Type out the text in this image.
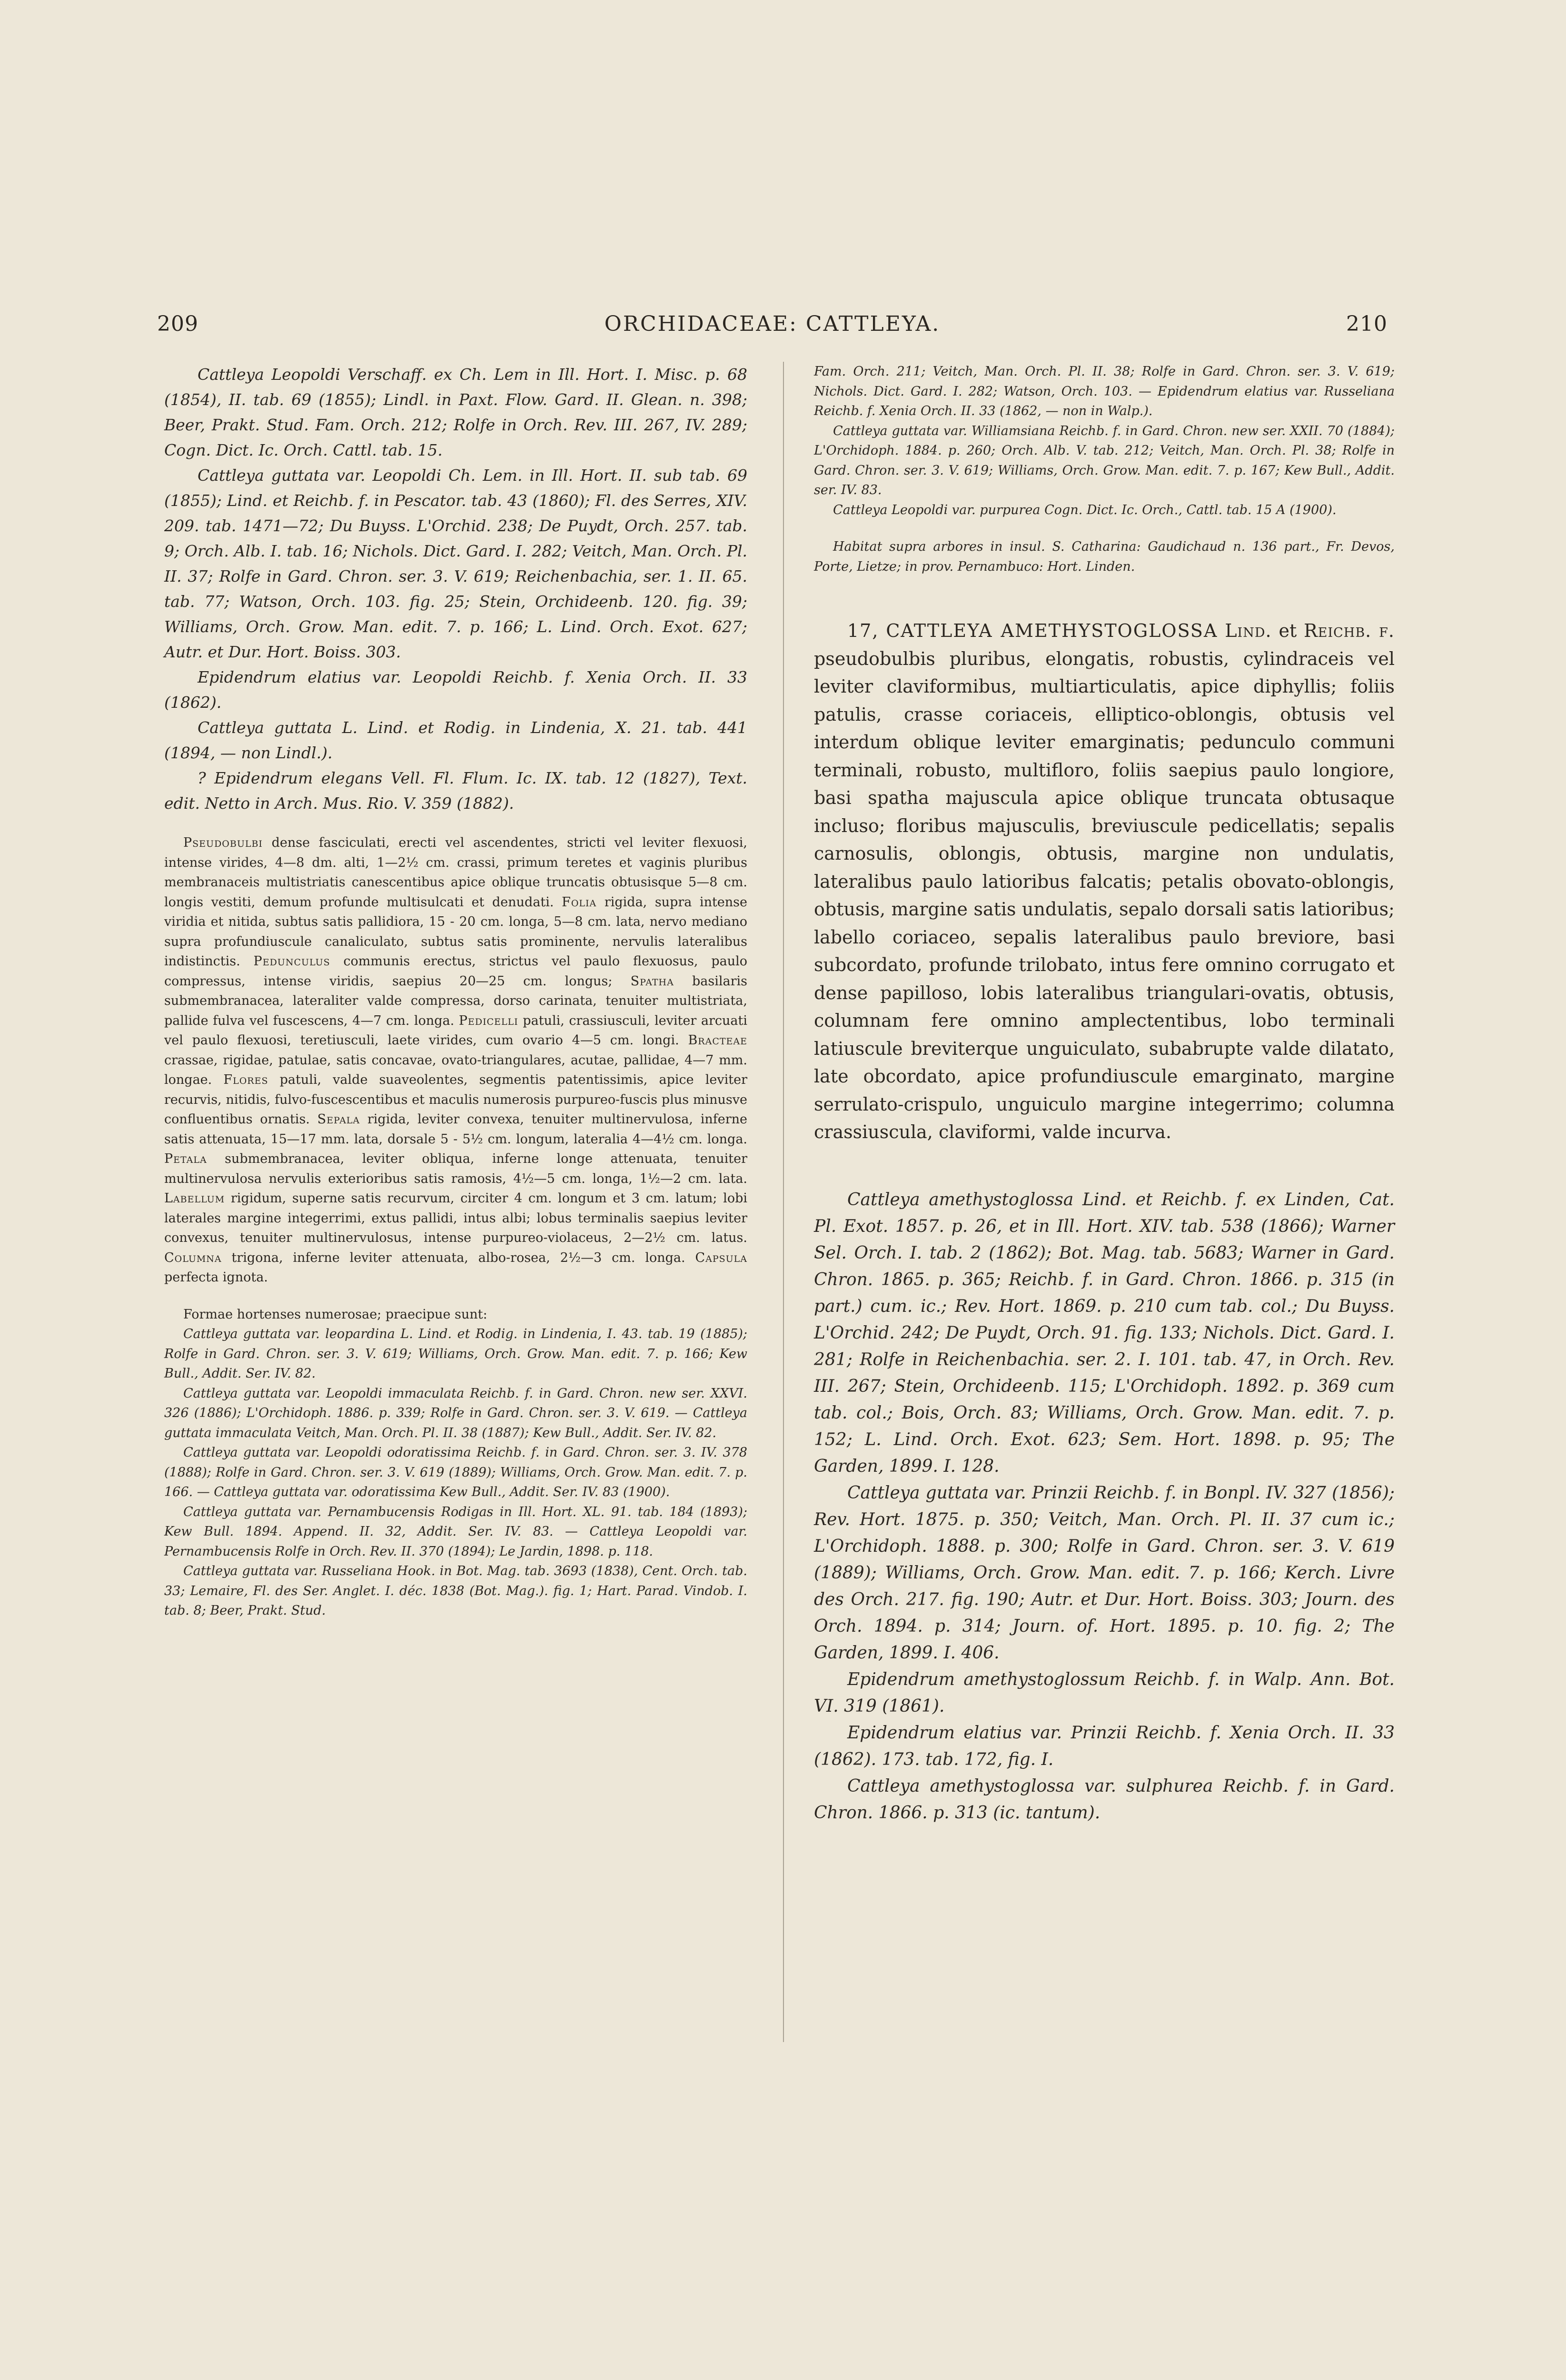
209	ORCHIDACEAE: CATTLEYA.	210

Cattleya Leopoldi Verschaff. ex Ch. Lem in Ill. Hort. I. Misc. p. 68 (1854), II. tab. 69 (1855); Lindl. in Paxt. Flow. Gard. II. Glean. n. 398; Beer, Prakt. Stud. Fam. Orch. 212; Rolfe in Orch. Rev. III. 267, IV. 289; Cogn. Dict. Ic. Orch. Cattl. tab. 15.

Cattleya guttata var. Leopoldi Ch. Lem. in Ill. Hort. II. sub tab. 69 (1855); Lind. et Reichb. f. in Pescator. tab. 43 (1860); Fl. des Serres, XIV. 209. tab. 1471—72; Du Buyss. L'Orchid. 238; De Puydt, Orch. 257. tab. 9; Orch. Alb. I. tab. 16; Nichols. Dict. Gard. I. 282; Veitch, Man. Orch. Pl. II. 37; Rolfe in Gard. Chron. ser. 3. V. 619; Reichenbachia, ser. 1. II. 65. tab. 77; Watson, Orch. 103. fig. 25; Stein, Orchideenb. 120. fig. 39; Williams, Orch. Grow. Man. edit. 7. p. 166; L. Lind. Orch. Exot. 627; Autr. et Dur. Hort. Boiss. 303.

Epidendrum elatius var. Leopoldi Reichb. f. Xenia Orch. II. 33 (1862).

Cattleya guttata L. Lind. et Rodig. in Lindenia, X. 21. tab. 441 (1894, — non Lindl.).

? Epidendrum elegans Vell. Fl. Flum. Ic. IX. tab. 12 (1827), Text. edit. Netto in Arch. Mus. Rio. V. 359 (1882).

Pseudobulbi dense fasciculati, erecti vel ascendentes, stricti vel leviter flexuosi, intense virides, 4—8 dm. alti, 1—2½ cm. crassi, primum teretes et vaginis pluribus membranaceis multistriatis canescentibus apice oblique truncatis obtusisque 5—8 cm. longis vestiti, demum profunde multisulcati et denudati. Folia rigida, supra intense viridia et nitida, subtus satis pallidiora, 15 - 20 cm. longa, 5—8 cm. lata, nervo mediano supra profundiuscule canaliculato, subtus satis prominente, nervulis lateralibus indistinctis. Pedunculus communis erectus, strictus vel paulo flexuosus, paulo compressus, intense viridis, saepius 20—25 cm. longus; Spatha basilaris submembranacea, lateraliter valde compressa, dorso carinata, tenuiter multistriata, pallide fulva vel fuscescens, 4—7 cm. longa. Pedicelli patuli, crassiusculi, leviter arcuati vel paulo flexuosi, teretiusculi, laete virides, cum ovario 4—5 cm. longi. Bracteae crassae, rigidae, patulae, satis concavae, ovato-triangulares, acutae, pallidae, 4—7 mm. longae. Flores patuli, valde suaveolentes, segmentis patentissimis, apice leviter recurvis, nitidis, fulvo-fuscescentibus et maculis numerosis purpureo-fuscis plus minusve confluentibus ornatis. Sepala rigida, leviter convexa, tenuiter multinervulosa, inferne satis attenuata, 15—17 mm. lata, dorsale 5 - 5½ cm. longum, lateralia 4—4½ cm. longa. Petala submembranacea, leviter obliqua, inferne longe attenuata, tenuiter multinervulosa nervulis exterioribus satis ramosis, 4½—5 cm. longa, 1½—2 cm. lata. Labellum rigidum, superne satis recurvum, circiter 4 cm. longum et 3 cm. latum; lobi laterales margine integerrimi, extus pallidi, intus albi; lobus terminalis saepius leviter convexus, tenuiter multinervulosus, intense purpureo-violaceus, 2—2½ cm. latus. Columna trigona, inferne leviter attenuata, albo-rosea, 2½—3 cm. longa. Capsula perfecta ignota.

Formae hortenses numerosae; praecipue sunt:

Cattleya guttata var. leopardina L. Lind. et Rodig. in Lindenia, I. 43. tab. 19 (1885); Rolfe in Gard. Chron. ser. 3. V. 619; Williams, Orch. Grow. Man. edit. 7. p. 166; Kew Bull., Addit. Ser. IV. 82.

Cattleya guttata var. Leopoldi immaculata Reichb. f. in Gard. Chron. new ser. XXVI. 326 (1886); L'Orchidoph. 1886. p. 339; Rolfe in Gard. Chron. ser. 3. V. 619. — Cattleya guttata immaculata Veitch, Man. Orch. Pl. II. 38 (1887); Kew Bull., Addit. Ser. IV. 82.

Cattleya guttata var. Leopoldi odoratissima Reichb. f. in Gard. Chron. ser. 3. IV. 378 (1888); Rolfe in Gard. Chron. ser. 3. V. 619 (1889); Williams, Orch. Grow. Man. edit. 7. p. 166. — Cattleya guttata var. odoratissima Kew Bull., Addit. Ser. IV. 83 (1900).

Cattleya guttata var. Pernambucensis Rodigas in Ill. Hort. XL. 91. tab. 184 (1893); Kew Bull. 1894. Append. II. 32, Addit. Ser. IV. 83. — Cattleya Leopoldi var. Pernambucensis Rolfe in Orch. Rev. II. 370 (1894); Le Jardin, 1898. p. 118.

Cattleya guttata var. Russeliana Hook. in Bot. Mag. tab. 3693 (1838), Cent. Orch. tab. 33; Lemaire, Fl. des Ser. Anglet. I. déc. 1838 (Bot. Mag.). fig. 1; Hart. Parad. Vindob. I. tab. 8; Beer, Prakt. Stud.

Fam. Orch. 211; Veitch, Man. Orch. Pl. II. 38; Rolfe in Gard. Chron. ser. 3. V. 619; Nichols. Dict. Gard. I. 282; Watson, Orch. 103. — Epidendrum elatius var. Russeliana Reichb. f. Xenia Orch. II. 33 (1862, — non in Walp.).

Cattleya guttata var. Williamsiana Reichb. f. in Gard. Chron. new ser. XXII. 70 (1884); L'Orchidoph. 1884. p. 260; Orch. Alb. V. tab. 212; Veitch, Man. Orch. Pl. 38; Rolfe in Gard. Chron. ser. 3. V. 619; Williams, Orch. Grow. Man. edit. 7. p. 167; Kew Bull., Addit. ser. IV. 83.

Cattleya Leopoldi var. purpurea Cogn. Dict. Ic. Orch., Cattl. tab. 15 A (1900).

Habitat supra arbores in insul. S. Catharina: Gaudichaud n. 136 part., Fr. Devos, Porte, Lietze; in prov. Pernambuco: Hort. Linden.

17, CATTLEYA AMETHYSTOGLOSSA Lind. et Reichb. f. pseudobulbis pluribus, elongatis, robustis, cylindraceis vel leviter claviformibus, multiarticulatis, apice diphyllis; foliis patulis, crasse coriaceis, elliptico-oblongis, obtusis vel interdum oblique leviter emarginatis; pedunculo communi terminali, robusto, multifloro, foliis saepius paulo longiore, basi spatha majuscula apice oblique truncata obtusaque incluso; floribus majusculis, breviuscule pedicellatis; sepalis carnosulis, oblongis, obtusis, margine non undulatis, lateralibus paulo latioribus falcatis; petalis obovato-oblongis, obtusis, margine satis undulatis, sepalo dorsali satis latioribus; labello coriaceo, sepalis lateralibus paulo breviore, basi subcordato, profunde trilobato, intus fere omnino corrugato et dense papilloso, lobis lateralibus triangulari-ovatis, obtusis, columnam fere omnino amplectentibus, lobo terminali latiuscule breviterque unguiculato, subabrupte valde dilatato, late obcordato, apice profundiuscule emarginato, margine serrulato-crispulo, unguiculo margine integerrimo; columna crassiuscula, claviformi, valde incurva.

Cattleya amethystoglossa Lind. et Reichb. f. ex Linden, Cat. Pl. Exot. 1857. p. 26, et in Ill. Hort. XIV. tab. 538 (1866); Warner Sel. Orch. I. tab. 2 (1862); Bot. Mag. tab. 5683; Warner in Gard. Chron. 1865. p. 365; Reichb. f. in Gard. Chron. 1866. p. 315 (in part.) cum. ic.; Rev. Hort. 1869. p. 210 cum tab. col.; Du Buyss. L'Orchid. 242; De Puydt, Orch. 91. fig. 133; Nichols. Dict. Gard. I. 281; Rolfe in Reichenbachia. ser. 2. I. 101. tab. 47, in Orch. Rev. III. 267; Stein, Orchideenb. 115; L'Orchidoph. 1892. p. 369 cum tab. col.; Bois, Orch. 83; Williams, Orch. Grow. Man. edit. 7. p. 152; L. Lind. Orch. Exot. 623; Sem. Hort. 1898. p. 95; The Garden, 1899. I. 128.

Cattleya guttata var. Prinzii Reichb. f. in Bonpl. IV. 327 (1856); Rev. Hort. 1875. p. 350; Veitch, Man. Orch. Pl. II. 37 cum ic.; L'Orchidoph. 1888. p. 300; Rolfe in Gard. Chron. ser. 3. V. 619 (1889); Williams, Orch. Grow. Man. edit. 7. p. 166; Kerch. Livre des Orch. 217. fig. 190; Autr. et Dur. Hort. Boiss. 303; Journ. des Orch. 1894. p. 314; Journ. of. Hort. 1895. p. 10. fig. 2; The Garden, 1899. I. 406.

Epidendrum amethystoglossum Reichb. f. in Walp. Ann. Bot. VI. 319 (1861).

Epidendrum elatius var. Prinzii Reichb. f. Xenia Orch. II. 33 (1862). 173. tab. 172, fig. I.

Cattleya amethystoglossa var. sulphurea Reichb. f. in Gard. Chron. 1866. p. 313 (ic. tantum).
